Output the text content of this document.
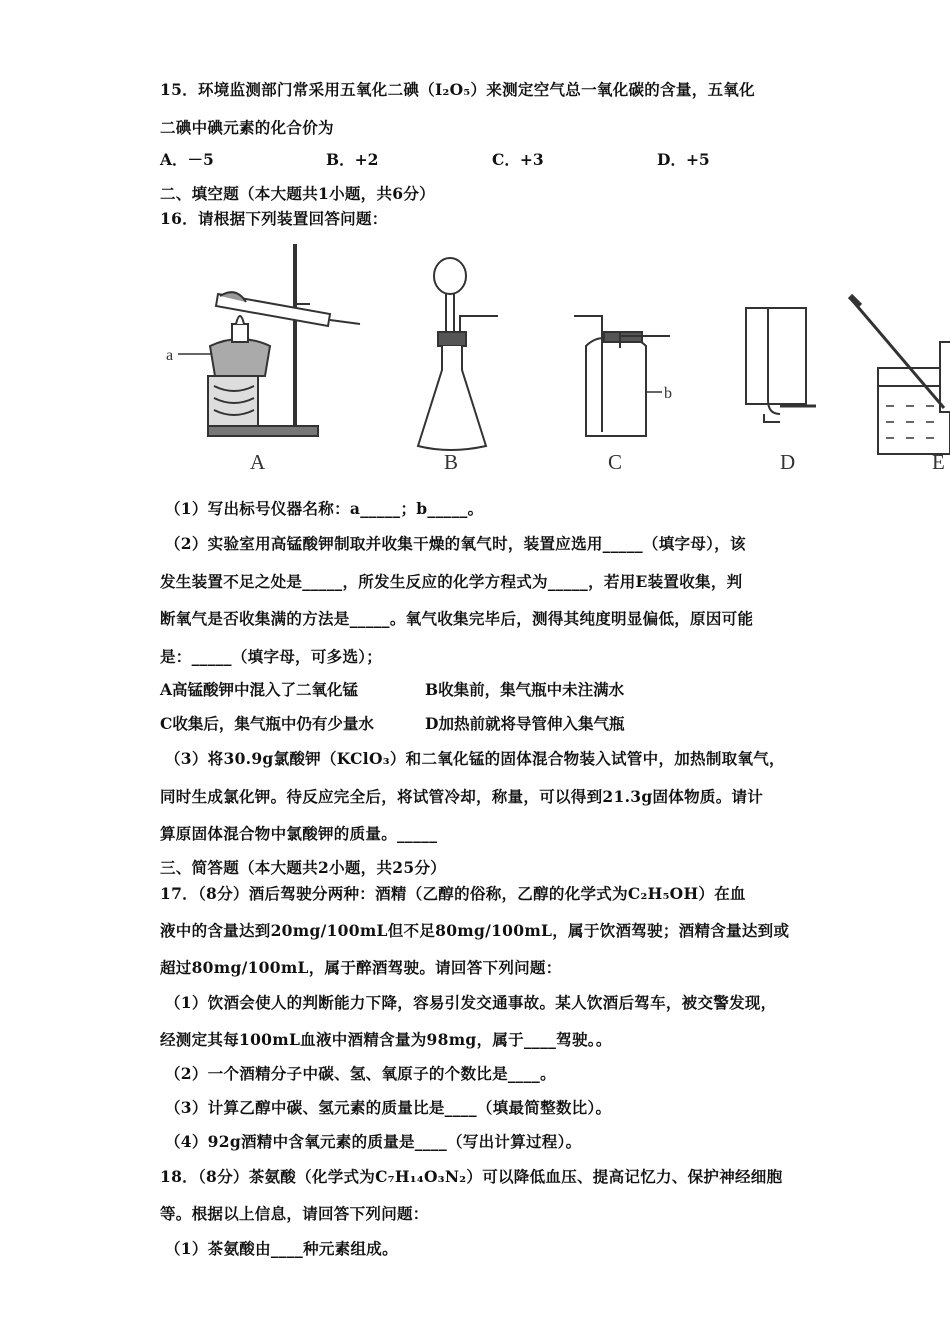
15．环境监测部门常采用五氧化二碘（I₂O₅）来测定空气总一氧化碳的含量，五氧化
二碘中碘元素的化合价为
A．－5	B．+2	C．+3	D．+5
二、填空题（本大题共1小题，共6分）
16．请根据下列装置回答问题：
a
b
A	B	C	D	E
（1）写出标号仪器名称：a_____；b_____。
（2）实验室用高锰酸钾制取并收集干燥的氧气时，装置应选用_____（填字母），该
发生装置不足之处是_____，所发生反应的化学方程式为_____，若用E装置收集，判
断氧气是否收集满的方法是_____。氧气收集完毕后，测得其纯度明显偏低，原因可能
是：_____（填字母，可多选）；
A高锰酸钾中混入了二氧化锰	B收集前，集气瓶中未注满水
C收集后，集气瓶中仍有少量水	D加热前就将导管伸入集气瓶
（3）将30.9g氯酸钾（KClO₃）和二氧化锰的固体混合物装入试管中，加热制取氧气，
同时生成氯化钾。待反应完全后，将试管冷却，称量，可以得到21.3g固体物质。请计
算原固体混合物中氯酸钾的质量。_____
三、简答题（本大题共2小题，共25分）
17．（8分）酒后驾驶分两种：酒精（乙醇的俗称，乙醇的化学式为C₂H₅OH）在血
液中的含量达到20mg/100mL但不足80mg/100mL，属于饮酒驾驶；酒精含量达到或
超过80mg/100mL，属于醉酒驾驶。请回答下列问题：
（1）饮酒会使人的判断能力下降，容易引发交通事故。某人饮酒后驾车，被交警发现，
经测定其每100mL血液中酒精含量为98mg，属于____驾驶。。
（2）一个酒精分子中碳、氢、氧原子的个数比是____。
（3）计算乙醇中碳、氢元素的质量比是____（填最简整数比）。
（4）92g酒精中含氧元素的质量是____（写出计算过程）。
18．（8分）茶氨酸（化学式为C₇H₁₄O₃N₂）可以降低血压、提高记忆力、保护神经细胞
等。根据以上信息，请回答下列问题：
（1）茶氨酸由____种元素组成。
